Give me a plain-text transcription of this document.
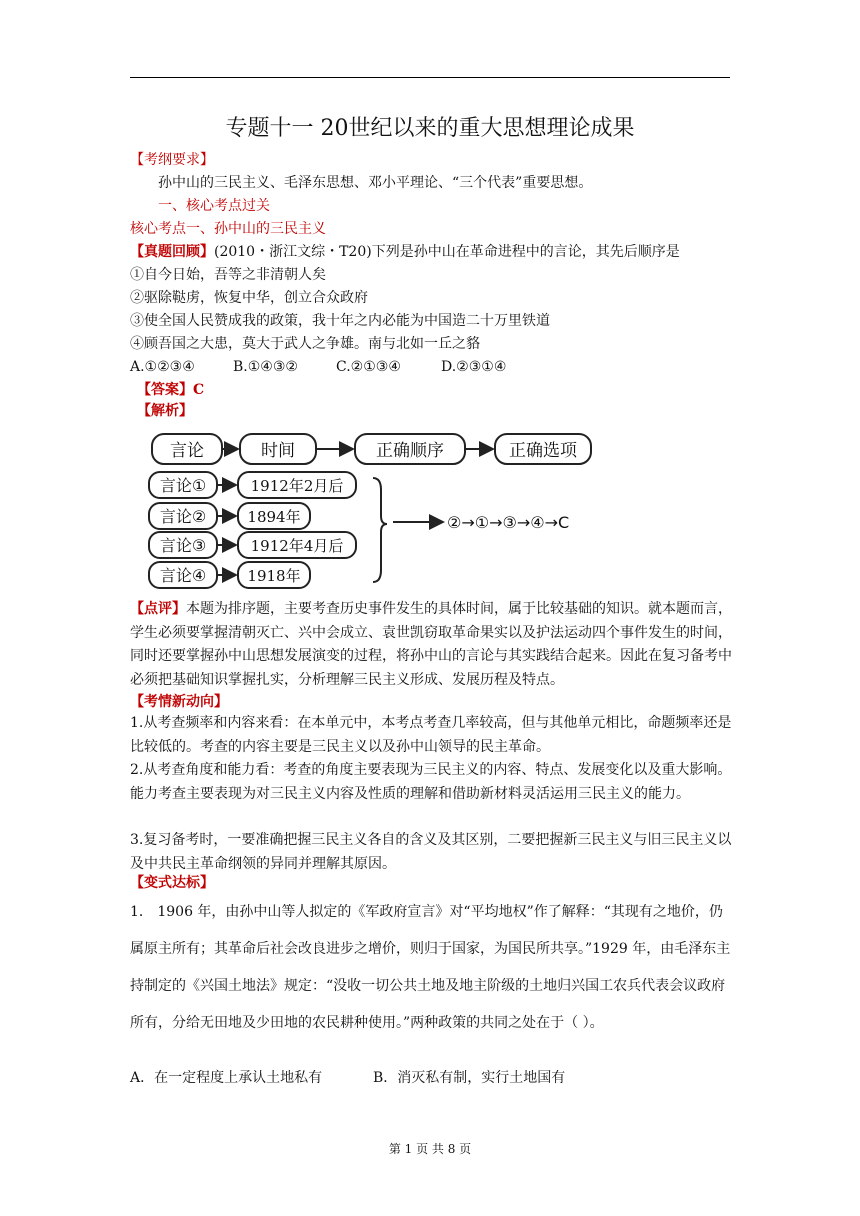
专题十一 20世纪以来的重大思想理论成果
【考纲要求】
孙中山的三民主义、毛泽东思想、邓小平理论、“三个代表”重要思想。
一、核心考点过关
核心考点一、孙中山的三民主义
【真题回顾】(2010・浙江文综・T20)下列是孙中山在革命进程中的言论，其先后顺序是
①自今日始，吾等之非清朝人矣
②驱除鞑虏，恢复中华，创立合众政府
③使全国人民赞成我的政策，我十年之内必能为中国造二十万里铁道
④顾吾国之大患，莫大于武人之争雄。南与北如一丘之貉
A.①②③④	B.①④③②	C.②①③④	D.②③①④
【答案】C
【解析】
言论	时间	正确顺序	正确选项
言论①	1912年2月后
言论②	1894年
言论③	1912年4月后
言论④	1918年
②→①→③→④→C
【点评】本题为排序题，主要考查历史事件发生的具体时间，属于比较基础的知识。就本题而言，学生必须要掌握清朝灭亡、兴中会成立、袁世凯窃取革命果实以及护法运动四个事件发生的时间，同时还要掌握孙中山思想发展演变的过程，将孙中山的言论与其实践结合起来。因此在复习备考中必须把基础知识掌握扎实，分析理解三民主义形成、发展历程及特点。
【考情新动向】
1.从考查频率和内容来看：在本单元中，本考点考查几率较高，但与其他单元相比，命题频率还是比较低的。考查的内容主要是三民主义以及孙中山领导的民主革命。
2.从考查角度和能力看：考查的角度主要表现为三民主义的内容、特点、发展变化以及重大影响。能力考查主要表现为对三民主义内容及性质的理解和借助新材料灵活运用三民主义的能力。
3.复习备考时，一要准确把握三民主义各自的含义及其区别，二要把握新三民主义与旧三民主义以及中共民主革命纲领的异同并理解其原因。
【变式达标】
1． 1906 年，由孙中山等人拟定的《军政府宣言》对“平均地权”作了解释：“其现有之地价，仍属原主所有；其革命后社会改良进步之增价，则归于国家，为国民所共享。”1929 年，由毛泽东主持制定的《兴国土地法》规定：“没收一切公共土地及地主阶级的土地归兴国工农兵代表会议政府所有，分给无田地及少田地的农民耕种使用。”两种政策的共同之处在于（ ）。
A．在一定程度上承认土地私有	B．消灭私有制，实行土地国有
第 1 页 共 8 页
